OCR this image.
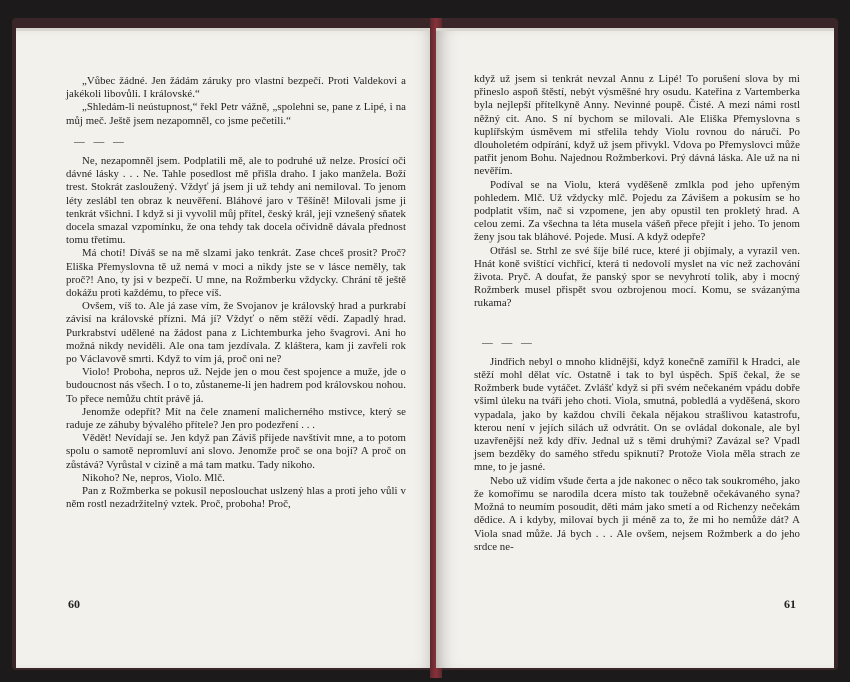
„Vůbec žádné. Jen žádám záruky pro vlastní bezpečí. Proti Valdekovi a jakékoli libovůli. I královské.“

„Shledám-li neústupnost,“ řekl Petr vážně, „spolehni se, pane z Lipé, i na můj meč. Ještě jsem nezapomněl, co jsme pečetili.“

— — —

Ne, nezapomněl jsem. Podplatili mě, ale to podruhé už nelze. Prosící oči dávné lásky . . . Ne. Tahle posedlost mě přišla draho. I jako manžela. Boží trest. Stokrát zasloužený. Vždyť já jsem ji už tehdy ani nemiloval. To jenom léty zeslábl ten obraz k neuvěření. Bláhové jaro v Těšíně! Milovali jsme ji tenkrát všichni. I když si ji vyvolil můj přítel, český král, její vznešený sňatek docela smazal vzpomínku, že ona tehdy tak docela očividně dávala přednost tomu třetímu.

Má chotí! Díváš se na mě slzami jako tenkrát. Zase chceš prosit? Proč? Eliška Přemyslovna tě už nemá v moci a nikdy jste se v lásce neměly, tak proč?! Ano, ty jsi v bezpečí. U mne, na Rožmberku vždycky. Chrání tě ještě dokážu proti každému, to přece víš.

Ovšem, víš to. Ale já zase vím, že Svojanov je královský hrad a purkrabí závisí na královské přízni. Má jí? Vždyť o něm stěží vědí. Zapadlý hrad. Purkrabství udělené na žádost pana z Lichtemburka jeho švagrovi. Ani ho možná nikdy neviděli. Ale ona tam jezdívala. Z kláštera, kam ji zavřeli rok po Václavově smrti. Když to vím já, proč oni ne?

Violo! Proboha, nepros už. Nejde jen o mou čest spojence a muže, jde o budoucnost nás všech. I o to, zůstaneme-li jen hadrem pod královskou nohou. To přece nemůžu chtít právě já.

Jenomže odepřít? Mít na čele znamení malicherného mstivce, který se raduje ze záhuby bývalého přítele? Jen pro podezření . . .

Vědět! Nevídají se. Jen když pan Záviš přijede navštívit mne, a to potom spolu o samotě nepromluví ani slovo. Jenomže proč se ona bojí? A proč on zůstává? Vyrůstal v cizině a má tam matku. Tady nikoho.

Nikoho? Ne, nepros, Violo. Mlč.

Pan z Rožmberka se pokusil neposlouchat uslzený hlas a proti jeho vůli v něm rostl nezadržitelný vztek. Proč, proboha! Proč,

60

když už jsem si tenkrát nevzal Annu z Lipé! To porušení slova by mi přineslo aspoň štěstí, nebýt výsměšné hry osudu. Kateřina z Vartemberka byla nejlepší přítelkyně Anny. Nevinné poupě. Čisté. A mezi námi rostl něžný cit. Ano. S ní bychom se milovali. Ale Eliška Přemyslovna s kuplířským úsměvem mi střelila tehdy Violu rovnou do náručí. Po dlouholetém odpírání, když už jsem přivykl. Vdova po Přemyslovci může patřit jenom Bohu. Najednou Rožmberkovi. Prý dávná láska. Ale už na ni nevěřím.

Podíval se na Violu, která vyděšeně zmlkla pod jeho upřeným pohledem. Mlč. Už vždycky mlč. Pojedu za Závišem a pokusím se ho podplatit vším, nač si vzpomene, jen aby opustil ten prokletý hrad. A celou zemi. Za všechna ta léta muselа vášeň přece přejít i jeho. To jenom ženy jsou tak bláhové. Pojede. Musí. A když odepře?

Otřásl se. Strhl ze své šíje bílé ruce, které ji objímaly, a vyrazil ven. Hnát koně svištící vichřicí, která ti nedovolí myslet na víc než zachování života. Pryč. A doufat, že panský spor se nevyhrotí tolik, aby i mocný Rožmberk musel přispět svou ozbrojenou mocí. Komu, se svázanýma rukama?

— — —

Jindřich nebyl o mnoho klidnější, když konečně zamířil k Hradci, ale stěží mohl dělat víc. Ostatně i tak to byl úspěch. Spíš čekal, že se Rožmberk bude vytáčet. Zvlášť když si při svém nečekaném vpádu dobře všiml úleku na tváři jeho choti. Viola, smutná, pobledlá a vyděšená, skoro vypadala, jako by každou chvíli čekala nějakou strašlivou katastrofu, kterou není v jejích silách už odvrátit. On se ovládal dokonale, ale byl uzavřenější než kdy dřív. Jednal už s těmi druhými? Zavázal se? Vpadl jsem bezděky do samého středu spiknutí? Protože Viola měla strach ze mne, to je jasné.

Nebo už vidím všude čerta a jde nakonec o něco tak soukromého, jako že komořímu se narodila dcera místo tak toužebně očekávaného syna? Možná to neumím posoudit, děti mám jako smetí a od Richenzy nečekám dědice. A i kdyby, milovaí bych ji méně za to, že mi ho nemůže dát? A Viola snad může. Já bych . . . Ale ovšem, nejsem Rožmberk a do jeho srdce ne-

61
